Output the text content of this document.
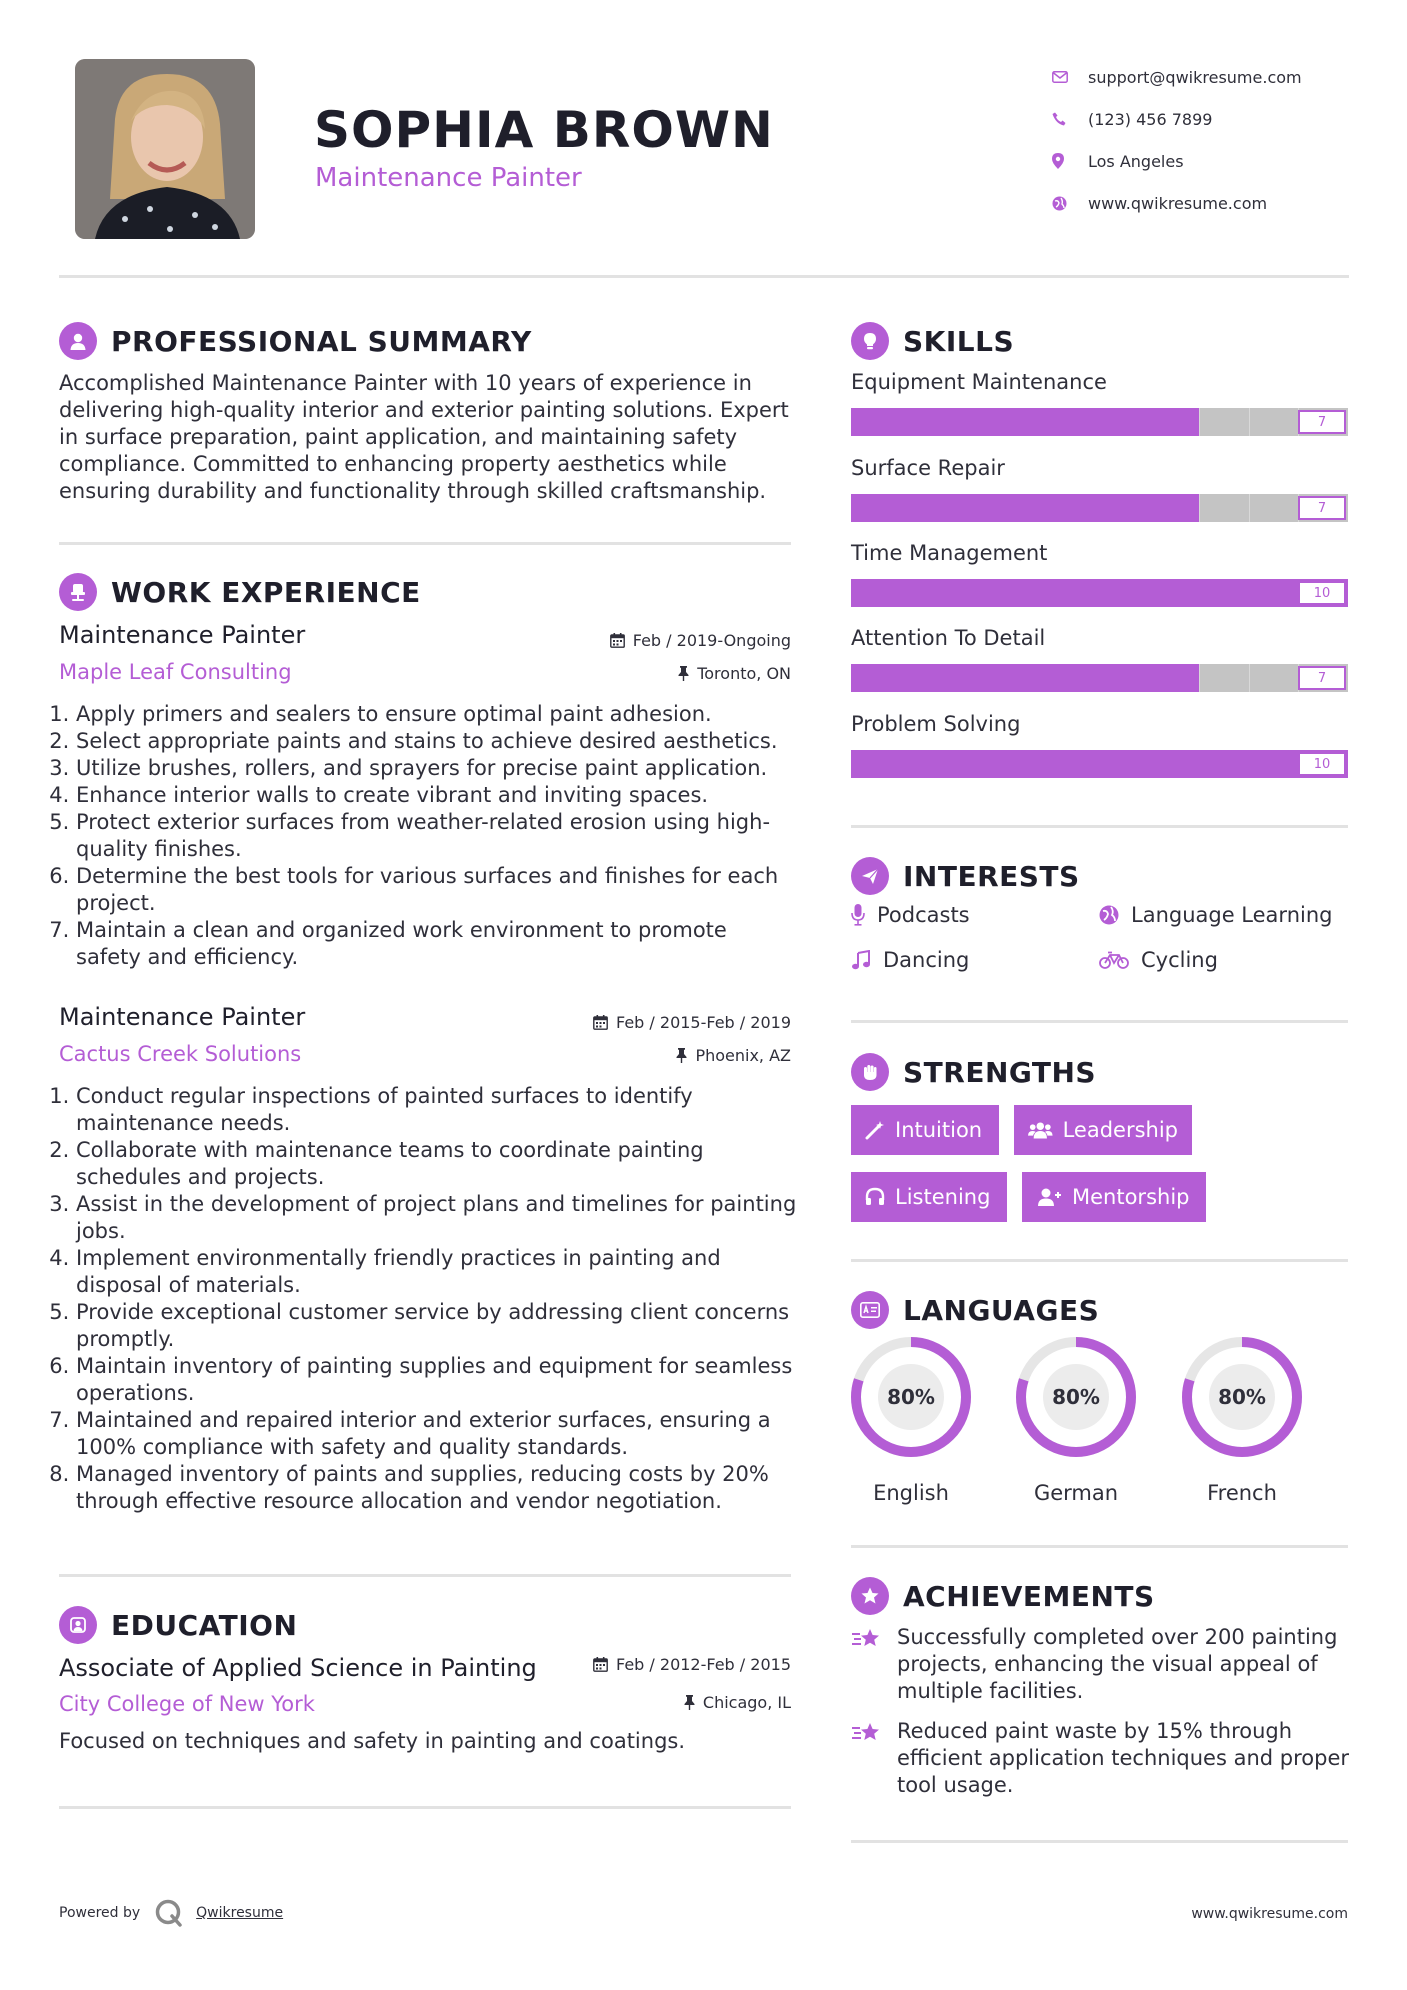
SOPHIA BROWN
Maintenance Painter
support@qwikresume.com
(123) 456 7899
Los Angeles
www.qwikresume.com
PROFESSIONAL SUMMARY
Accomplished Maintenance Painter with 10 years of experience in delivering high-quality interior and exterior painting solutions. Expert in surface preparation, paint application, and maintaining safety compliance. Committed to enhancing property aesthetics while ensuring durability and functionality through skilled craftsmanship.
WORK EXPERIENCE
Maintenance Painter	Feb / 2019-Ongoing
Maple Leaf Consulting	Toronto, ON
1. Apply primers and sealers to ensure optimal paint adhesion.
2. Select appropriate paints and stains to achieve desired aesthetics.
3. Utilize brushes, rollers, and sprayers for precise paint application.
4. Enhance interior walls to create vibrant and inviting spaces.
5. Protect exterior surfaces from weather-related erosion using high-quality finishes.
6. Determine the best tools for various surfaces and finishes for each project.
7. Maintain a clean and organized work environment to promote safety and efficiency.
Maintenance Painter	Feb / 2015-Feb / 2019
Cactus Creek Solutions	Phoenix, AZ
1. Conduct regular inspections of painted surfaces to identify maintenance needs.
2. Collaborate with maintenance teams to coordinate painting schedules and projects.
3. Assist in the development of project plans and timelines for painting jobs.
4. Implement environmentally friendly practices in painting and disposal of materials.
5. Provide exceptional customer service by addressing client concerns promptly.
6. Maintain inventory of painting supplies and equipment for seamless operations.
7. Maintained and repaired interior and exterior surfaces, ensuring a 100% compliance with safety and quality standards.
8. Managed inventory of paints and supplies, reducing costs by 20% through effective resource allocation and vendor negotiation.
EDUCATION
Associate of Applied Science in Painting	Feb / 2012-Feb / 2015
City College of New York	Chicago, IL
Focused on techniques and safety in painting and coatings.
SKILLS
Equipment Maintenance
7
Surface Repair
7
Time Management
10
Attention To Detail
7
Problem Solving
10
INTERESTS
Podcasts	Language Learning
Dancing	Cycling
STRENGTHS
Intuition	Leadership
Listening	Mentorship
LANGUAGES
80%
English
80%
German
80%
French
ACHIEVEMENTS
Successfully completed over 200 painting projects, enhancing the visual appeal of multiple facilities.
Reduced paint waste by 15% through efficient application techniques and proper tool usage.
Powered by	Qwikresume	www.qwikresume.com
